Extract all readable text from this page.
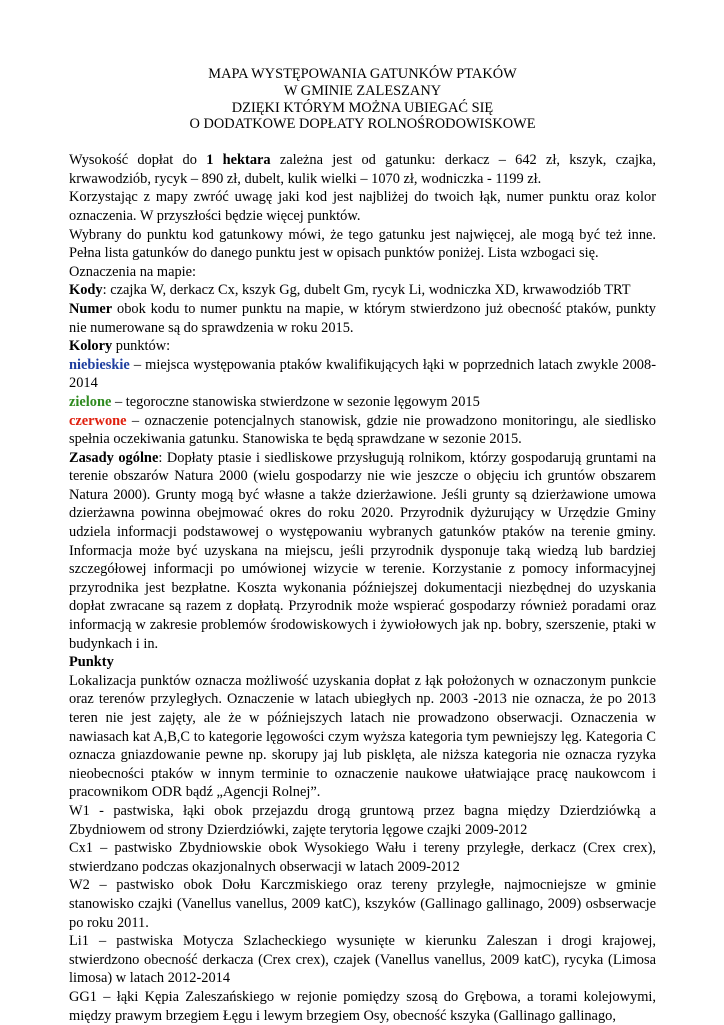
MAPA WYSTĘPOWANIA GATUNKÓW PTAKÓW
W GMINIE ZALESZANY
DZIĘKI KTÓRYM MOŻNA UBIEGAĆ SIĘ
O DODATKOWE DOPŁATY ROLNOŚRODOWISKOWE

Wysokość dopłat do 1 hektara zależna jest od gatunku: derkacz – 642 zł, kszyk, czajka, krwawodziób, rycyk – 890 zł, dubelt, kulik wielki – 1070 zł, wodniczka - 1199 zł.

Korzystając z mapy zwróć uwagę jaki kod jest najbliżej do twoich łąk, numer punktu oraz kolor oznaczenia. W przyszłości będzie więcej punktów.

Wybrany do punktu kod gatunkowy mówi, że tego gatunku jest najwięcej, ale mogą być też inne. Pełna lista gatunków do danego punktu jest w opisach punktów poniżej. Lista wzbogaci się.

Oznaczenia na mapie:

Kody: czajka W, derkacz Cx, kszyk Gg, dubelt Gm, rycyk Li, wodniczka XD, krwawodziób TRT

Numer obok kodu to numer punktu na mapie, w którym stwierdzono już obecność ptaków, punkty nie numerowane są do sprawdzenia w roku 2015.

Kolory punktów:

niebieskie – miejsca występowania ptaków kwalifikujących łąki w poprzednich latach zwykle 2008-2014

zielone – tegoroczne stanowiska stwierdzone w sezonie lęgowym 2015

czerwone – oznaczenie potencjalnych stanowisk, gdzie nie prowadzono monitoringu, ale siedlisko spełnia oczekiwania gatunku. Stanowiska te będą sprawdzane w sezonie 2015.

Zasady ogólne: Dopłaty ptasie i siedliskowe przysługują rolnikom, którzy gospodarują gruntami na terenie obszarów Natura 2000 (wielu gospodarzy nie wie jeszcze o objęciu ich gruntów obszarem Natura 2000). Grunty mogą być własne a także dzierżawione. Jeśli grunty są dzierżawione umowa dzierżawna powinna obejmować okres do roku 2020. Przyrodnik dyżurujący w Urzędzie Gminy udziela informacji podstawowej o występowaniu wybranych gatunków ptaków na terenie gminy. Informacja może być uzyskana na miejscu, jeśli przyrodnik dysponuje taką wiedzą lub bardziej szczegółowej informacji po umówionej wizycie w terenie. Korzystanie z pomocy informacyjnej przyrodnika jest bezpłatne. Koszta wykonania późniejszej dokumentacji niezbędnej do uzyskania dopłat zwracane są razem z dopłatą. Przyrodnik może wspierać gospodarzy również poradami oraz informacją w zakresie problemów środowiskowych i żywiołowych jak np. bobry, szerszenie, ptaki w budynkach i in.

Punkty

Lokalizacja punktów oznacza możliwość uzyskania dopłat z łąk położonych w oznaczonym punkcie oraz terenów przyległych. Oznaczenie w latach ubiegłych np. 2003 -2013 nie oznacza, że po 2013 teren nie jest zajęty, ale że w późniejszych latach nie prowadzono obserwacji. Oznaczenia w nawiasach kat A,B,C to kategorie lęgowości czym wyższa kategoria tym pewniejszy lęg. Kategoria C oznacza gniazdowanie pewne np. skorupy jaj lub pisklęta, ale niższa kategoria nie oznacza ryzyka nieobecności ptaków w innym terminie to oznaczenie naukowe ułatwiające pracę naukowcom i pracownikom ODR bądź „Agencji Rolnej”.

W1 - pastwiska, łąki obok przejazdu drogą gruntową przez bagna między Dzierdziówką a Zbydniowem od strony Dzierdziówki, zajęte terytoria lęgowe czajki 2009-2012

Cx1 – pastwisko Zbydniowskie obok Wysokiego Wału i tereny przyległe, derkacz (Crex crex), stwierdzano podczas okazjonalnych obserwacji w latach 2009-2012

W2 – pastwisko obok Dołu Karczmiskiego oraz tereny przyległe, najmocniejsze w gminie stanowisko czajki (Vanellus vanellus, 2009 katC), kszyków (Gallinago gallinago, 2009) osbserwacje po roku 2011.

Li1 – pastwiska Motycza Szlacheckiego wysunięte w kierunku Zaleszan i drogi krajowej, stwierdzono obecność derkacza (Crex crex), czajek (Vanellus vanellus, 2009 katC), rycyka (Limosa limosa) w latach 2012-2014

GG1 – łąki Kępia Zaleszańskiego w rejonie pomiędzy szosą do Grębowa, a torami kolejowymi, między prawym brzegiem Łęgu i lewym brzegiem Osy, obecność kszyka (Gallinago gallinago,
